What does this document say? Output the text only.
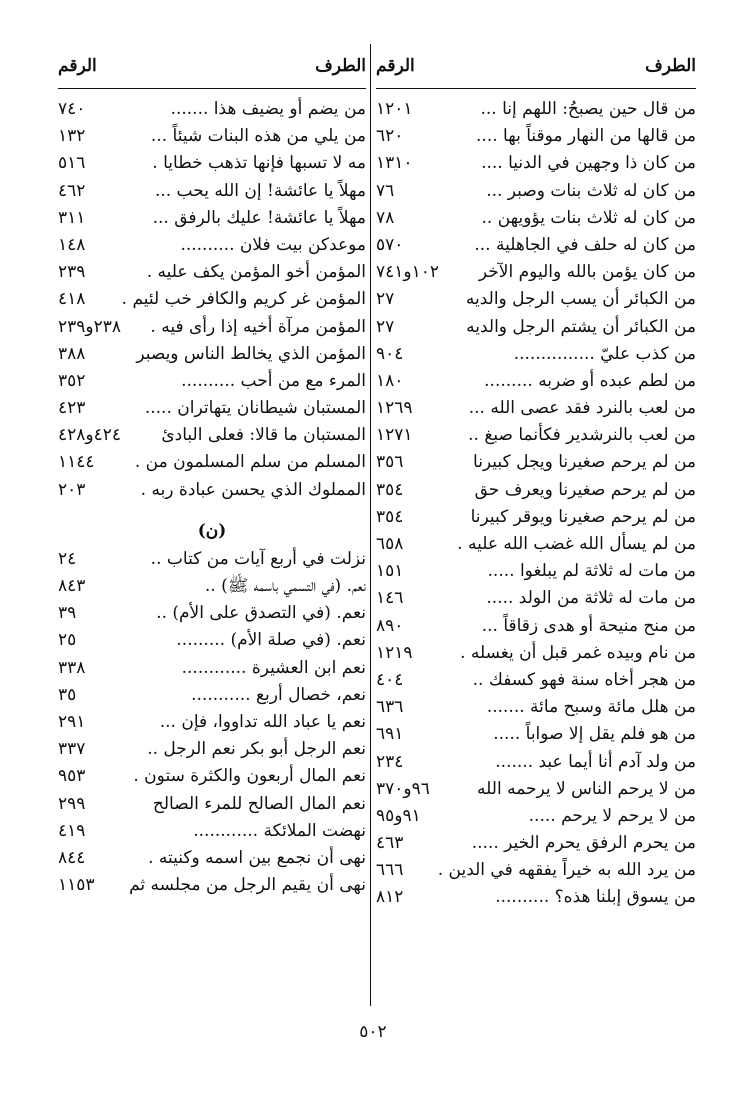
الطرف
الرقم
من قال حين يصبحُ: اللهم إنا ...
١٢٠١
من قالها من النهار موقناً بها ....
٦٢٠
من كان ذا وجهين في الدنيا ....
١٣١٠
من كان له ثلاث بنات وصبر ...
٧٦
من كان له ثلاث بنات يؤويهن ..
٧٨
من كان له حلف في الجاهلية ...
٥٧٠
من كان يؤمن بالله واليوم الآخر
١٠٢و٧٤١
من الكبائر أن يسب الرجل والديه
٢٧
من الكبائر أن يشتم الرجل والديه
٢٧
من كذب عليّ ...............
٩٠٤
من لطم عبده أو ضربه .........
١٨٠
من لعب بالنرد فقد عصى الله ...
١٢٦٩
من لعب بالنرشدير فكأنما صبغ ..
١٢٧١
من لم يرحم صغيرنا ويجل كبيرنا
٣٥٦
من لم يرحم صغيرنا ويعرف حق
٣٥٤
من لم يرحم صغيرنا ويوقر كبيرنا
٣٥٤
من لم يسأل الله غضب الله عليه .
٦٥٨
من مات له ثلاثة لم يبلغوا .....
١٥١
من مات له ثلاثة من الولد .....
١٤٦
من منح منيحة أو هدى زقاقاً ...
٨٩٠
من نام وبيده غمر قبل أن يغسله .
١٢١٩
من هجر أخاه سنة فهو كسفك ..
٤٠٤
من هلل مائة وسبح مائة .......
٦٣٦
من هو فلم يقل إلا صواباً .....
٦٩١
من ولد آدم أنا أيما عبد .......
٢٣٤
من لا يرحم الناس لا يرحمه الله
٩٦و٣٧٠
من لا يرحم لا يرحم .....
٩١و٩٥
من يحرم الرفق يحرم الخير .....
٤٦٣
من يرد الله به خيراً يفقهه في الدين .
٦٦٦
من يسوق إبلنا هذه؟ ..........
٨١٢
الطرف
الرقم
من يضم أو يضيف هذا .......
٧٤٠
من يلي من هذه البنات شيئاً ...
١٣٢
مه لا تسبها فإنها تذهب خطايا .
٥١٦
مهلاً يا عائشة! إن الله يحب ...
٤٦٢
مهلاً يا عائشة! عليك بالرفق ...
٣١١
موعدكن بيت فلان ..........
١٤٨
المؤمن أخو المؤمن يكف عليه .
٢٣٩
المؤمن غر كريم والكافر خب لئيم .
٤١٨
المؤمن مرآة أخيه إذا رأى فيه .
٢٣٨و٢٣٩
المؤمن الذي يخالط الناس ويصبر
٣٨٨
المرء مع من أحب ..........
٣٥٢
المستبان شيطانان يتهاتران .....
٤٢٣
المستبان ما قالا: فعلى البادئ
٤٢٤و٤٢٨
المسلم من سلم المسلمون من .
١١٤٤
المملوك الذي يحسن عبادة ربه .
٢٠٣
(ن)
نزلت في أربع آيات من كتاب ..
٢٤
نعم. (في التسمي باسمه ﷺ) ..
٨٤٣
نعم. (في التصدق على الأم) ..
٣٩
نعم. (في صلة الأم) .........
٢٥
نعم ابن العشيرة ............
٣٣٨
نعم، خصال أربع ...........
٣٥
نعم يا عباد الله تداووا، فإن ...
٢٩١
نعم الرجل أبو بكر نعم الرجل ..
٣٣٧
نعم المال أربعون والكثرة ستون .
٩٥٣
نعم المال الصالح للمرء الصالح
٢٩٩
نهضت الملائكة ............
٤١٩
نهى أن نجمع بين اسمه وكنيته .
٨٤٤
نهى أن يقيم الرجل من مجلسه ثم
١١٥٣
٥٠٢
